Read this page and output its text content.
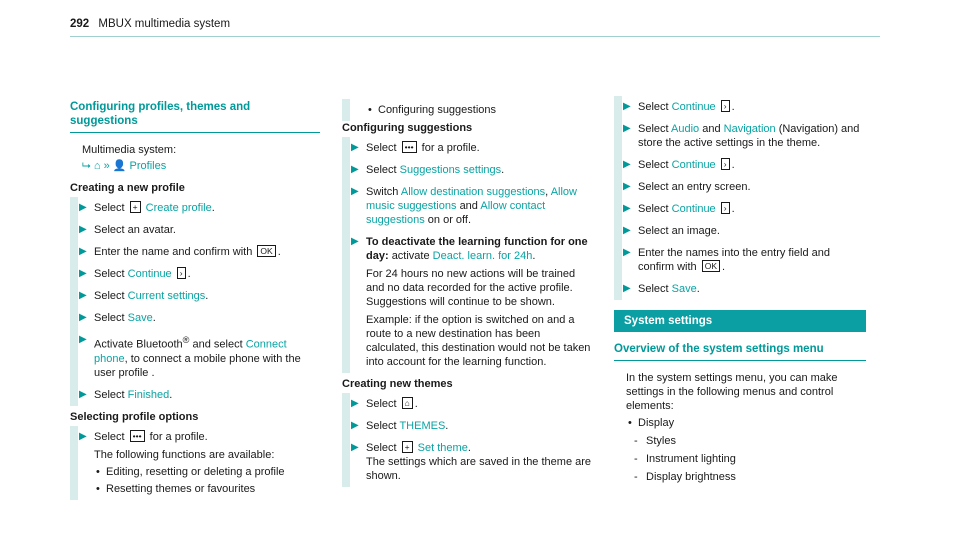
292 MBUX multimedia system
Configuring profiles, themes and suggestions
Multimedia system:
⮡ ⌂ » 👤 Profiles
Creating a new profile
▶ Select + Create profile.
▶ Select an avatar.
▶ Enter the name and confirm with OK .
▶ Select Continue › .
▶ Select Current settings.
▶ Select Save.
▶ Activate Bluetooth® and select Connect phone, to connect a mobile phone with the user profile .
▶ Select Finished.
Selecting profile options
▶ Select ••• for a profile.
The following functions are available:
• Editing, resetting or deleting a profile
• Resetting themes or favourites
• Configuring suggestions
Configuring suggestions
▶ Select ••• for a profile.
▶ Select Suggestions settings.
▶ Switch Allow destination suggestions, Allow music suggestions and Allow contact suggestions on or off.
▶ To deactivate the learning function for one day: activate Deact. learn. for 24h.
For 24 hours no new actions will be trained and no data recorded for the active profile. Suggestions will continue to be shown.
Example: if the option is switched on and a route to a new destination has been calculated, this destination would not be taken into account for the learning function.
Creating new themes
▶ Select ⌂ .
▶ Select THEMES.
▶ Select + Set theme.
The settings which are saved in the theme are shown.
▶ Select Continue › .
▶ Select Audio and Navigation (Navigation) and store the active settings in the theme.
▶ Select Continue › .
▶ Select an entry screen.
▶ Select Continue › .
▶ Select an image.
▶ Enter the names into the entry field and confirm with OK .
▶ Select Save.
System settings
Overview of the system settings menu
In the system settings menu, you can make settings in the following menus and control elements:
• Display
- Styles
- Instrument lighting
- Display brightness
